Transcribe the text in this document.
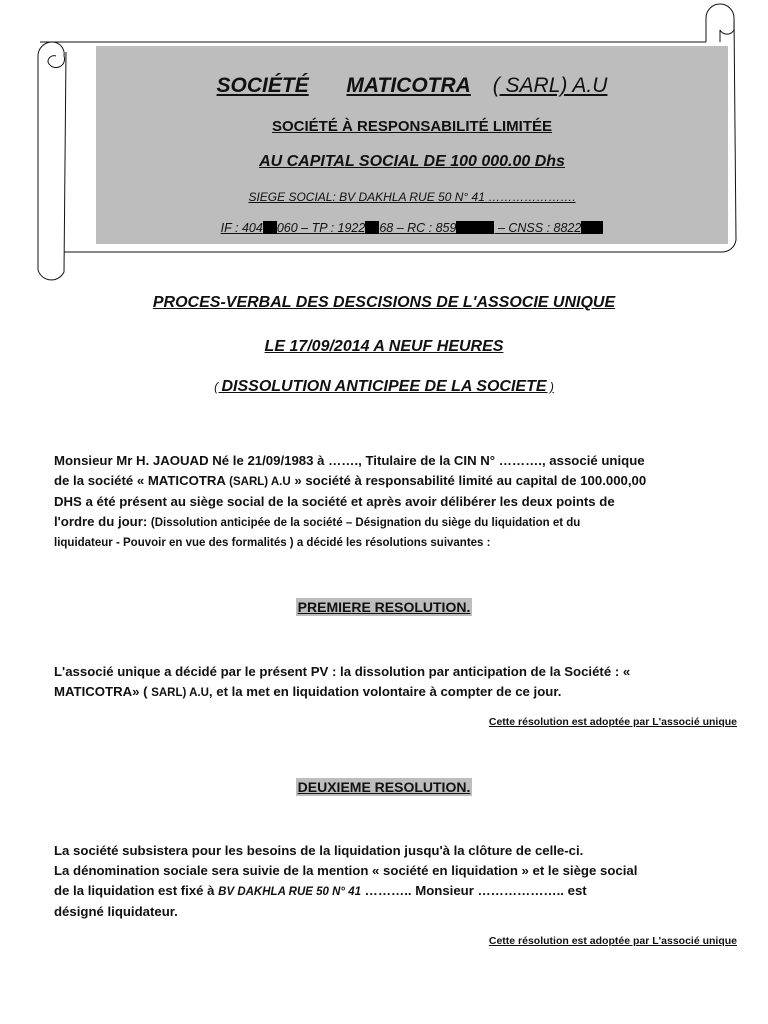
SOCIÉTÉ MATICOTRA ( SARL) A.U
SOCIÉTÉ À RESPONSABILITÉ LIMITÉE
AU CAPITAL SOCIAL DE 100 000.00 Dhs
SIEGE SOCIAL: BV DAKHLA RUE 50 N° 41 ………………….
IF : 404 060 – TP : 1922 68 – RC : 859	– CNSS : 8822
PROCES-VERBAL DES DESCISIONS DE L'ASSOCIE UNIQUE
LE 17/09/2014 A NEUF HEURES
( DISSOLUTION ANTICIPEE DE LA SOCIETE )
Monsieur Mr H. JAOUAD Né le 21/09/1983 à ……., Titulaire de la CIN N° ………., associé unique
de la société « MATICOTRA (SARL) A.U » société à responsabilité limité au capital de 100.000,00
DHS a été présent au siège social de la société et après avoir délibérer les deux points de
l'ordre du jour: (Dissolution anticipée de la société – Désignation du siège du liquidation et du
liquidateur - Pouvoir en vue des formalités ) a décidé les résolutions suivantes :
PREMIERE RESOLUTION.
L'associé unique a décidé par le présent PV : la dissolution par anticipation de la Société : «
MATICOTRA» ( SARL) A.U, et la met en liquidation volontaire à compter de ce jour.
Cette résolution est adoptée par L'associé unique
DEUXIEME RESOLUTION.
La société subsistera pour les besoins de la liquidation jusqu'à la clôture de celle-ci.
La dénomination sociale sera suivie de la mention « société en liquidation » et le siège social
de la liquidation est fixé à BV DAKHLA RUE 50 N° 41 ……….. Monsieur ……………….. est
désigné liquidateur.
Cette résolution est adoptée par L'associé unique
